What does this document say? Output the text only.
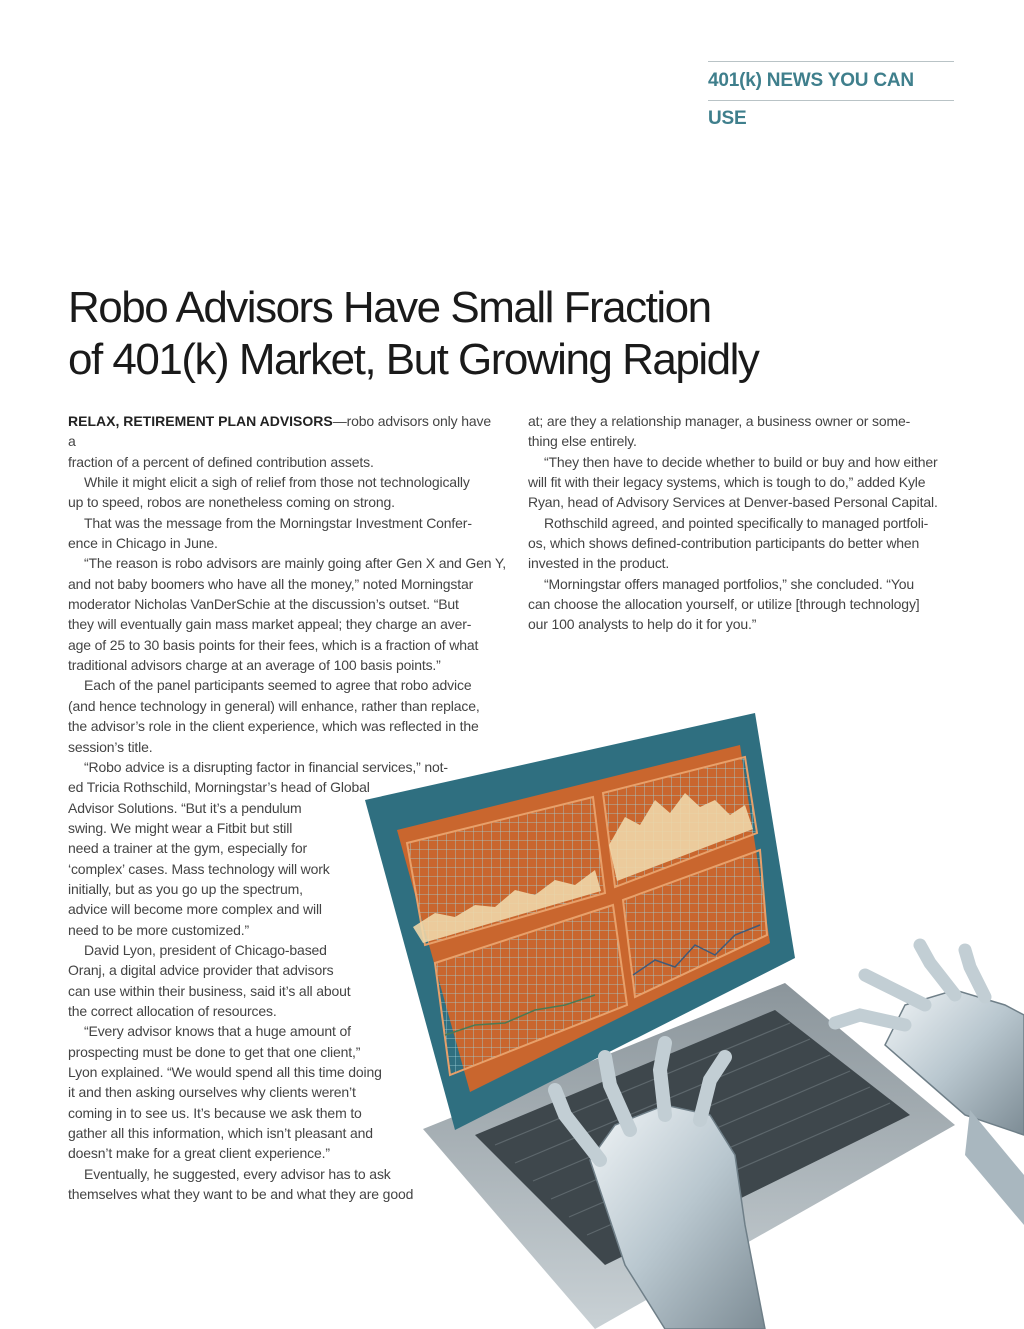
401(k) NEWS YOU CAN USE
Robo Advisors Have Small Fraction
of 401(k) Market, But Growing Rapidly

RELAX, RETIREMENT PLAN ADVISORS—robo advisors only have a
fraction of a percent of defined contribution assets.

While it might elicit a sigh of relief from those not technologically

up to speed, robos are nonetheless coming on strong.

That was the message from the Morningstar Investment Confer-

ence in Chicago in June.

“The reason is robo advisors are mainly going after Gen X and Gen Y,

and not baby boomers who have all the money,” noted Morningstar
moderator Nicholas VanDerSchie at the discussion’s outset. “But
they will eventually gain mass market appeal; they charge an aver-
age of 25 to 30 basis points for their fees, which is a fraction of what
traditional advisors charge at an average of 100 basis points.”

Each of the panel participants seemed to agree that robo advice

(and hence technology in general) will enhance, rather than replace,
the advisor’s role in the client experience, which was reflected in the
session’s title.

“Robo advice is a disrupting factor in financial services,” not-

ed Tricia Rothschild, Morningstar’s head of Global
Advisor Solutions. “But it’s a pendulum
swing. We might wear a Fitbit but still
need a trainer at the gym, especially for
‘complex’ cases. Mass technology will work
initially, but as you go up the spectrum,
advice will become more complex and will
need to be more customized.”

David Lyon, president of Chicago-based

Oranj, a digital advice provider that advisors
can use within their business, said it’s all about
the correct allocation of resources.

“Every advisor knows that a huge amount of

prospecting must be done to get that one client,”
Lyon explained. “We would spend all this time doing
it and then asking ourselves why clients weren’t
coming in to see us. It’s because we ask them to
gather all this information, which isn’t pleasant and
doesn’t make for a great client experience.”

Eventually, he suggested, every advisor has to ask

themselves what they want to be and what they are good

at; are they a relationship manager, a business owner or some-
thing else entirely.

“They then have to decide whether to build or buy and how either

will fit with their legacy systems, which is tough to do,” added Kyle
Ryan, head of Advisory Services at Denver-based Personal Capital.

Rothschild agreed, and pointed specifically to managed portfoli-

os, which shows defined-contribution participants do better when
invested in the product.

“Morningstar offers managed portfolios,” she concluded. “You

can choose the allocation yourself, or utilize [through technology]
our 100 analysts to help do it for you.”
